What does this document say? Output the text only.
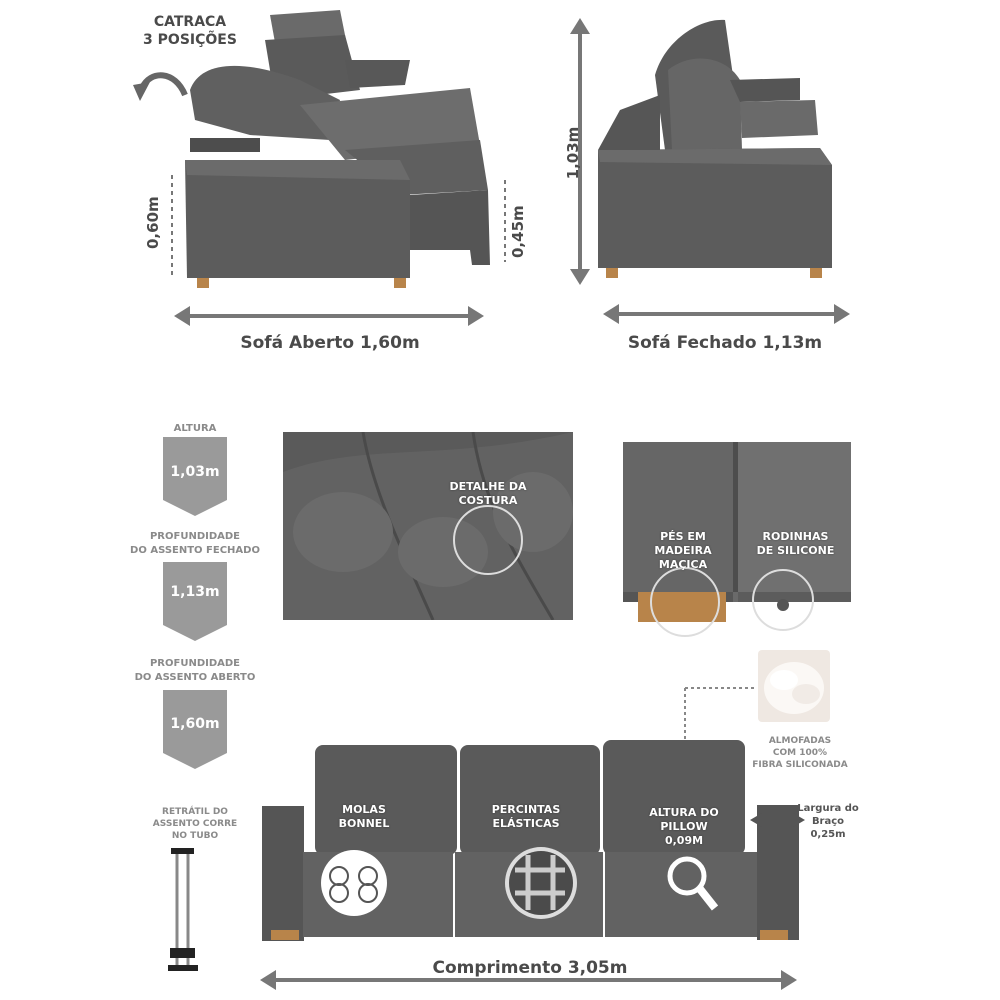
CATRACA
3 POSIÇÕES
0,60m	0,45m
Sofá Aberto 1,60m
1,03m
Sofá Fechado 1,13m
ALTURA
1,03m
PROFUNDIDADE
DO ASSENTO FECHADO
1,13m
PROFUNDIDADE
DO ASSENTO ABERTO
1,60m
RETRÁTIL DO
ASSENTO CORRE
NO TUBO
DETALHE DA
COSTURA
PÉS EM
MADEIRA
MAÇICA
RODINHAS
DE SILICONE
ALMOFADAS
COM 100%
FIBRA SILICONADA
MOLAS
BONNEL
PERCINTAS
ELÁSTICAS
ALTURA DO
PILLOW
0,09M
Largura do
Braço
0,25m
Comprimento 3,05m
